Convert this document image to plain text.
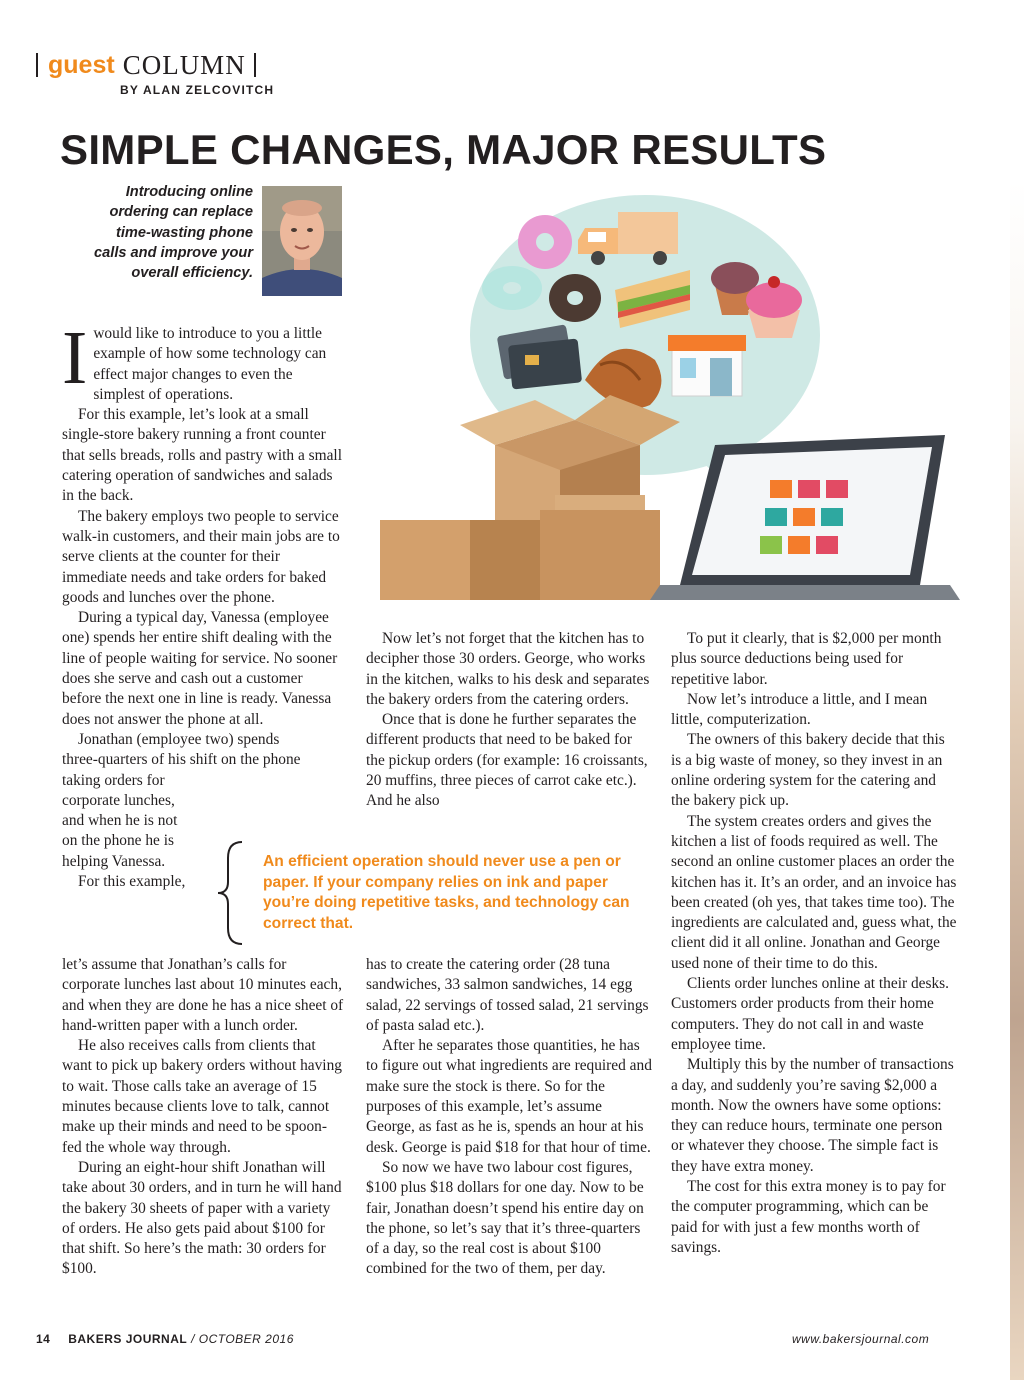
guest COLUMN
BY ALAN ZELCOVITCH
SIMPLE CHANGES, MAJOR RESULTS
Introducing online ordering can replace time-wasting phone calls and improve your overall efficiency.

I would like to introduce to you a little example of how some technology can effect major changes to even the simplest of operations.

For this example, let’s look at a small single-store bakery running a front counter that sells breads, rolls and pastry with a small catering operation of sandwiches and salads in the back.

The bakery employs two people to service walk-in customers, and their main jobs are to serve clients at the counter for their immediate needs and take orders for baked goods and lunches over the phone.

During a typical day, Vanessa (employee one) spends her entire shift dealing with the line of people waiting for service. No sooner does she serve and cash out a customer before the next one in line is ready. Vanessa does not answer the phone at all.

Jonathan (employee two) spends

three-quarters of his shift on the phone

taking orders for

corporate lunches,

and when he is not

on the phone he is

helping Vanessa.

For this example,

let’s assume that Jonathan’s calls for corporate lunches last about 10 minutes each, and when they are done he has a nice sheet of hand-written paper with a lunch order.

He also receives calls from clients that want to pick up bakery orders without having to wait. Those calls take an average of 15 minutes because clients love to talk, cannot make up their minds and need to be spoon-fed the whole way through.

During an eight-hour shift Jonathan will take about 30 orders, and in turn he will hand the bakery 30 sheets of paper with a variety of orders. He also gets paid about $100 for that shift. So here’s the math: 30 orders for $100.

Now let’s not forget that the kitchen has to decipher those 30 orders. George, who works in the kitchen, walks to his desk and separates the bakery orders from the catering orders.

Once that is done he further separates the different products that need to be baked for the pickup orders (for example: 16 croissants, 20 muffins, three pieces of carrot cake etc.). And he also

An efficient operation should never use a pen or paper. If your company relies on ink and paper you’re doing repetitive tasks, and technology can correct that.

has to create the catering order (28 tuna sandwiches, 33 salmon sandwiches, 14 egg salad, 22 servings of tossed salad, 21 servings of pasta salad etc.).

After he separates those quantities, he has to figure out what ingredients are required and make sure the stock is there. So for the purposes of this example, let’s assume George, as fast as he is, spends an hour at his desk. George is paid $18 for that hour of time.

So now we have two labour cost figures, $100 plus $18 dollars for one day. Now to be fair, Jonathan doesn’t spend his entire day on the phone, so let’s say that it’s three-quarters of a day, so the real cost is about $100 combined for the two of them, per day.

To put it clearly, that is $2,000 per month plus source deductions being used for repetitive labor.

Now let’s introduce a little, and I mean little, computerization.

The owners of this bakery decide that this is a big waste of money, so they invest in an online ordering system for the catering and the bakery pick up.

The system creates orders and gives the kitchen a list of foods required as well. The second an online customer places an order the kitchen has it. It’s an order, and an invoice has been created (oh yes, that takes time too). The ingredients are calculated and, guess what, the client did it all online. Jonathan and George used none of their time to do this.

Clients order lunches online at their desks. Customers order products from their home computers. They do not call in and waste employee time.

Multiply this by the number of transactions a day, and suddenly you’re saving $2,000 a month. Now the owners have some options: they can reduce hours, terminate one person or whatever they choose. The simple fact is they have extra money.

The cost for this extra money is to pay for the computer programming, which can be paid for with just a few months worth of savings.

14 BAKERS JOURNAL / OCTOBER 2016	www.bakersjournal.com
